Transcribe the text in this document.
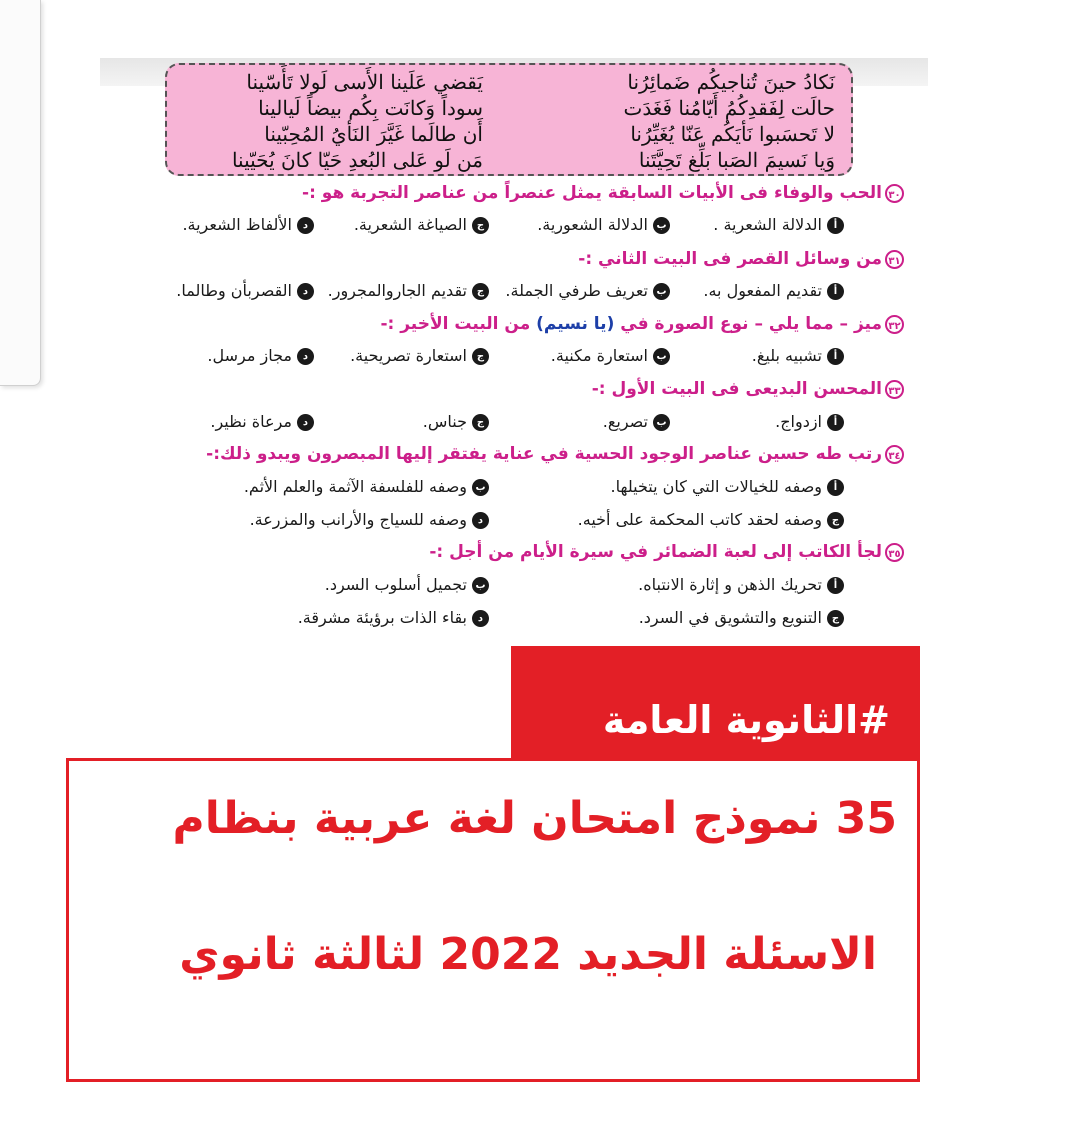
نَكادُ حينَ تُناجيكُم ضَمائِرُنا
يَقضي عَلَينا الأَسى لَولا تَأَسّينا
حالَت لِفَقدِكُمُ أَيّامُنا فَغَدَت
سوداً وَكانَت بِكُم بيضاً لَيالينا
لا تَحسَبوا نَأيَكُم عَنّا يُغَيِّرُنا
أَن طالَما غَيَّرَ النَأيُ المُحِبّينا
وَيا نَسيمَ الصَبا بَلِّغ تَحِيَّتَنا
مَن لَو عَلى البُعدِ حَيّا كانَ يُحَيّينا
٣٠الحب والوفاء فى الأبيات السابقة يمثل عنصراً من عناصر التجربة هو :-
أالدلالة الشعرية .
بالدلالة الشعورية.
جالصياغة الشعرية.
دالألفاظ الشعرية.
٣١من وسائل القصر فى البيت الثاني :-
أتقديم المفعول به.
بتعريف طرفي الجملة.
جتقديم الجاروالمجرور.
دالقصربأن وطالما.
٣٢ميز – مما يلي – نوع الصورة في (يا نسيم) من البيت الأخير :-
أتشبيه بليغ.
باستعارة مكنية.
جاستعارة تصريحية.
دمجاز مرسل.
٣٣المحسن البديعى فى البيت الأول :-
أازدواج.
بتصريع.
ججناس.
دمرعاة نظير.
٣٤رتب طه حسين عناصر الوجود الحسية في عناية يفتقر إليها المبصرون ويبدو ذلك:-
أوصفه للخيالات التي كان يتخيلها.
بوصفه للفلسفة الآثمة والعلم الأثم.
جوصفه لحقد كاتب المحكمة على أخيه.
دوصفه للسياج والأرانب والمزرعة.
٣٥لجأ الكاتب إلى لعبة الضمائر في سيرة الأيام من أجل :-
أتحريك الذهن و إثارة الانتباه.
بتجميل أسلوب السرد.
جالتنويع والتشويق في السرد.
دبقاء الذات برؤيئة مشرقة.
#الثانوية العامة
35 نموذج امتحان لغة عربية بنظام
الاسئلة الجديد 2022 لثالثة ثانوي
